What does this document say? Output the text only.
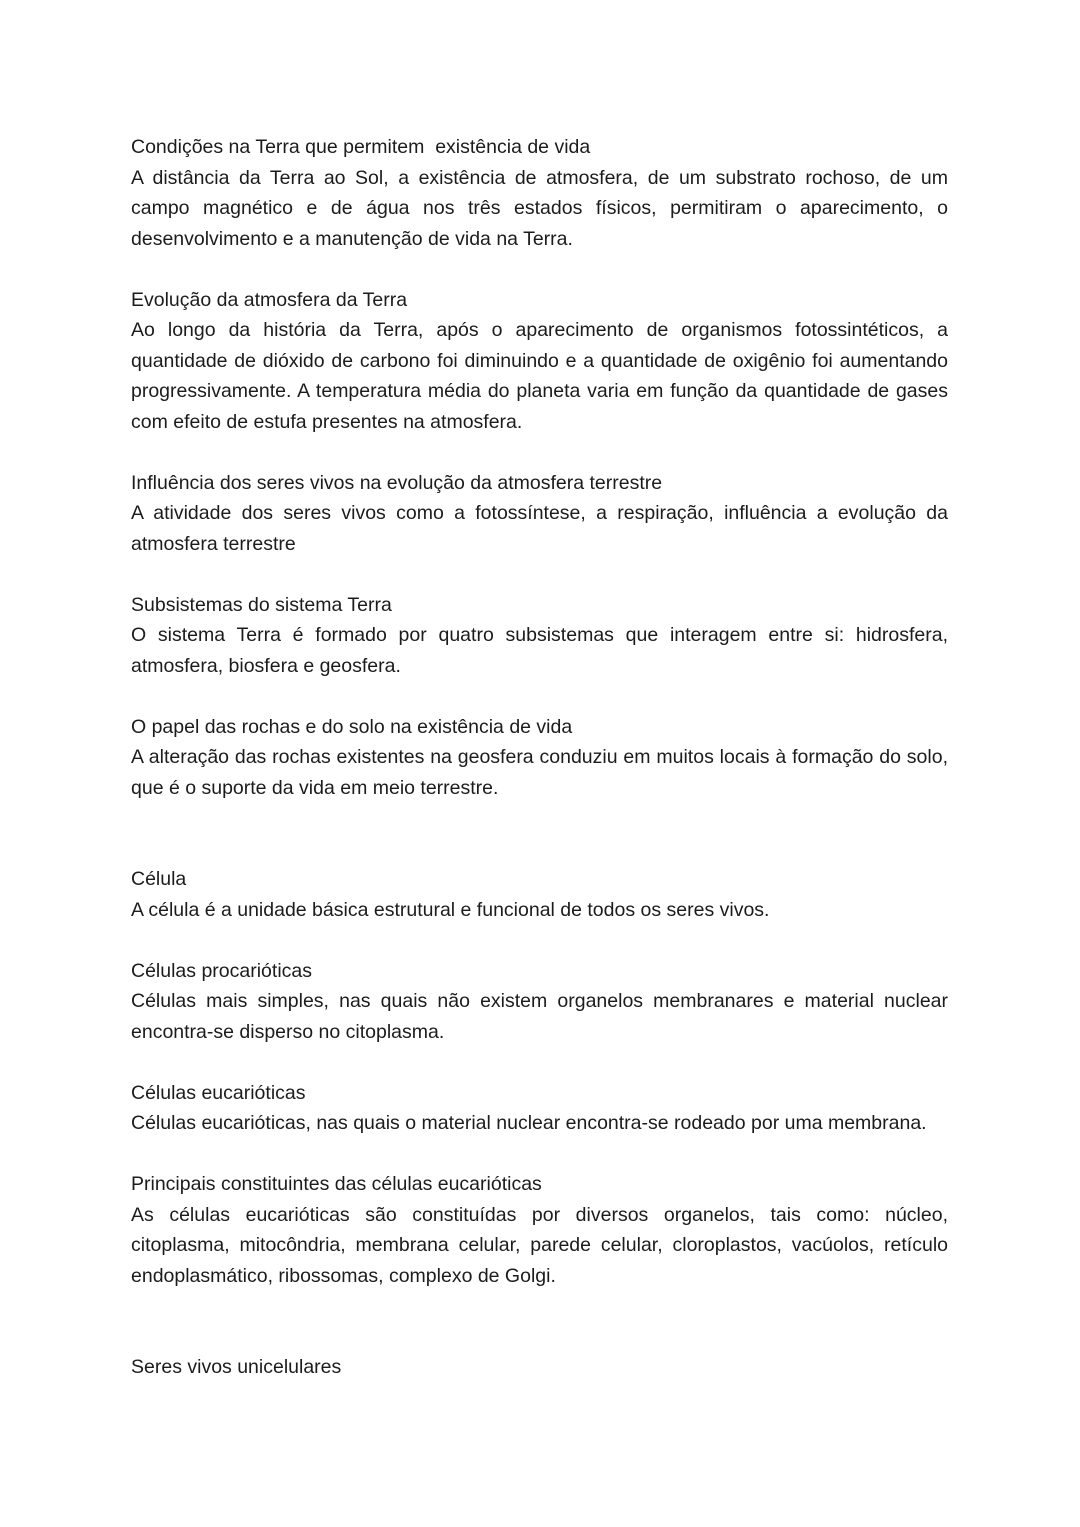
Condições na Terra que permitem  existência de vida

A distância da Terra ao Sol, a existência de atmosfera, de um substrato rochoso, de um campo magnético e de água nos três estados físicos, permitiram o aparecimento, o desenvolvimento e a manutenção de vida na Terra.

Evolução da atmosfera da Terra

Ao longo da história da Terra, após o aparecimento de organismos fotossintéticos, a quantidade de dióxido de carbono foi diminuindo e a quantidade de oxigênio foi aumentando progressivamente. A temperatura média do planeta varia em função da quantidade de gases com efeito de estufa presentes na atmosfera.

Influência dos seres vivos na evolução da atmosfera terrestre

A atividade dos seres vivos como a fotossíntese, a respiração, influência a evolução da atmosfera terrestre

Subsistemas do sistema Terra

O sistema Terra é formado por quatro subsistemas que interagem entre si: hidrosfera, atmosfera, biosfera e geosfera.

O papel das rochas e do solo na existência de vida

A alteração das rochas existentes na geosfera conduziu em muitos locais à formação do solo, que é o suporte da vida em meio terrestre.

Célula

A célula é a unidade básica estrutural e funcional de todos os seres vivos.

Células procarióticas

Células mais simples, nas quais não existem organelos membranares e material nuclear encontra-se disperso no citoplasma.

Células eucarióticas

Células eucarióticas, nas quais o material nuclear encontra-se rodeado por uma membrana.

Principais constituintes das células eucarióticas

As células eucarióticas são constituídas por diversos organelos, tais como: núcleo, citoplasma, mitocôndria, membrana celular, parede celular, cloroplastos, vacúolos, retículo endoplasmático, ribossomas, complexo de Golgi.

Seres vivos unicelulares
